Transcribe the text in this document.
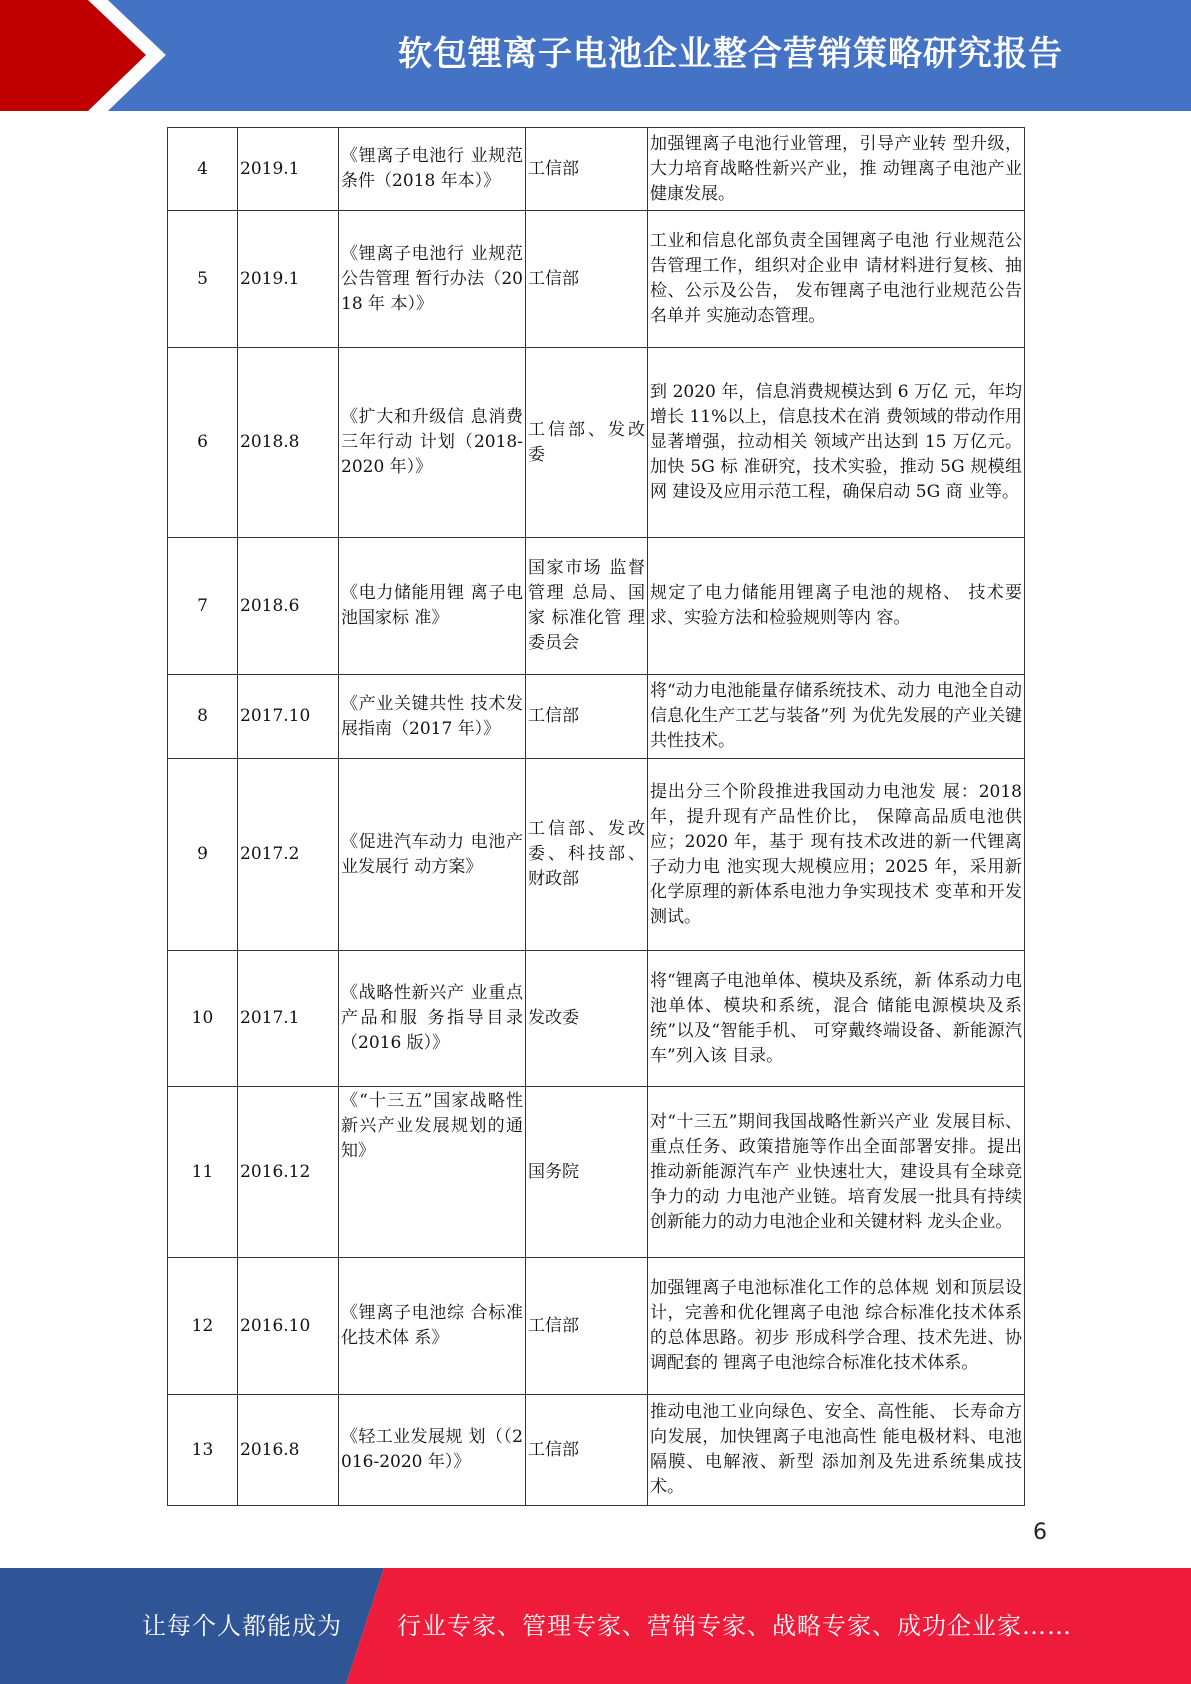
软包锂离子电池企业整合营销策略研究报告
4	2019.1	《锂离子电池行 业规范条件（2018 年本）》	工信部	加强锂离子电池行业管理，引导产业转 型升级，大力培育战略性新兴产业，推 动锂离子电池产业健康发展。
5	2019.1	《锂离子电池行 业规范公告管理 暂行办法（2018 年 本）》	工信部	工业和信息化部负责全国锂离子电池 行业规范公告管理工作，组织对企业申 请材料进行复核、抽检、公示及公告， 发布锂离子电池行业规范公告名单并 实施动态管理。
6	2018.8	《扩大和升级信 息消费三年行动 计划（2018-2020 年）》	工信部、发改委	到 2020 年，信息消费规模达到 6 万亿 元，年均增长 11%以上，信息技术在消 费领域的带动作用显著增强，拉动相关 领域产出达到 15 万亿元。加快 5G 标 准研究，技术实验，推动 5G 规模组网 建设及应用示范工程，确保启动 5G 商 业等。
7	2018.6	《电力储能用锂 离子电池国家标 准》	国家市场 监督管理 总局、国家 标准化管 理委员会	规定了电力储能用锂离子电池的规格、 技术要求、实验方法和检验规则等内 容。
8	2017.10	《产业关键共性 技术发展指南（2017 年）》	工信部	将“动力电池能量存储系统技术、动力 电池全自动信息化生产工艺与装备”列 为优先发展的产业关键共性技术。
9	2017.2	《促进汽车动力 电池产业发展行 动方案》	工信部、发改委、科技部、财政部	提出分三个阶段推进我国动力电池发 展：2018 年，提升现有产品性价比， 保障高品质电池供应；2020 年，基于 现有技术改进的新一代锂离子动力电 池实现大规模应用；2025 年，采用新 化学原理的新体系电池力争实现技术 变革和开发测试。
10	2017.1	《战略性新兴产 业重点产品和服 务指导目录（2016 版）》	发改委	将“锂离子电池单体、模块及系统，新 体系动力电池单体、模块和系统，混合 储能电源模块及系统”以及“智能手机、 可穿戴终端设备、新能源汽车”列入该 目录。
11	2016.12	《“十三五”国家战略性新兴产业发展规划的通知》	国务院	对“十三五”期间我国战略性新兴产业 发展目标、重点任务、政策措施等作出全面部署安排。提出推动新能源汽车产 业快速壮大，建设具有全球竞争力的动 力电池产业链。培育发展一批具有持续 创新能力的动力电池企业和关键材料 龙头企业。
12	2016.10	《锂离子电池综 合标准化技术体 系》	工信部	加强锂离子电池标准化工作的总体规 划和顶层设计，完善和优化锂离子电池 综合标准化技术体系的总体思路。初步 形成科学合理、技术先进、协调配套的 锂离子电池综合标准化技术体系。
13	2016.8	《轻工业发展规 划（（2016-2020 年）》	工信部	推动电池工业向绿色、安全、高性能、 长寿命方向发展，加快锂离子电池高性 能电极材料、电池隔膜、电解液、新型 添加剂及先进系统集成技术。
6
让每个人都能成为 行业专家、管理专家、营销专家、战略专家、成功企业家……
